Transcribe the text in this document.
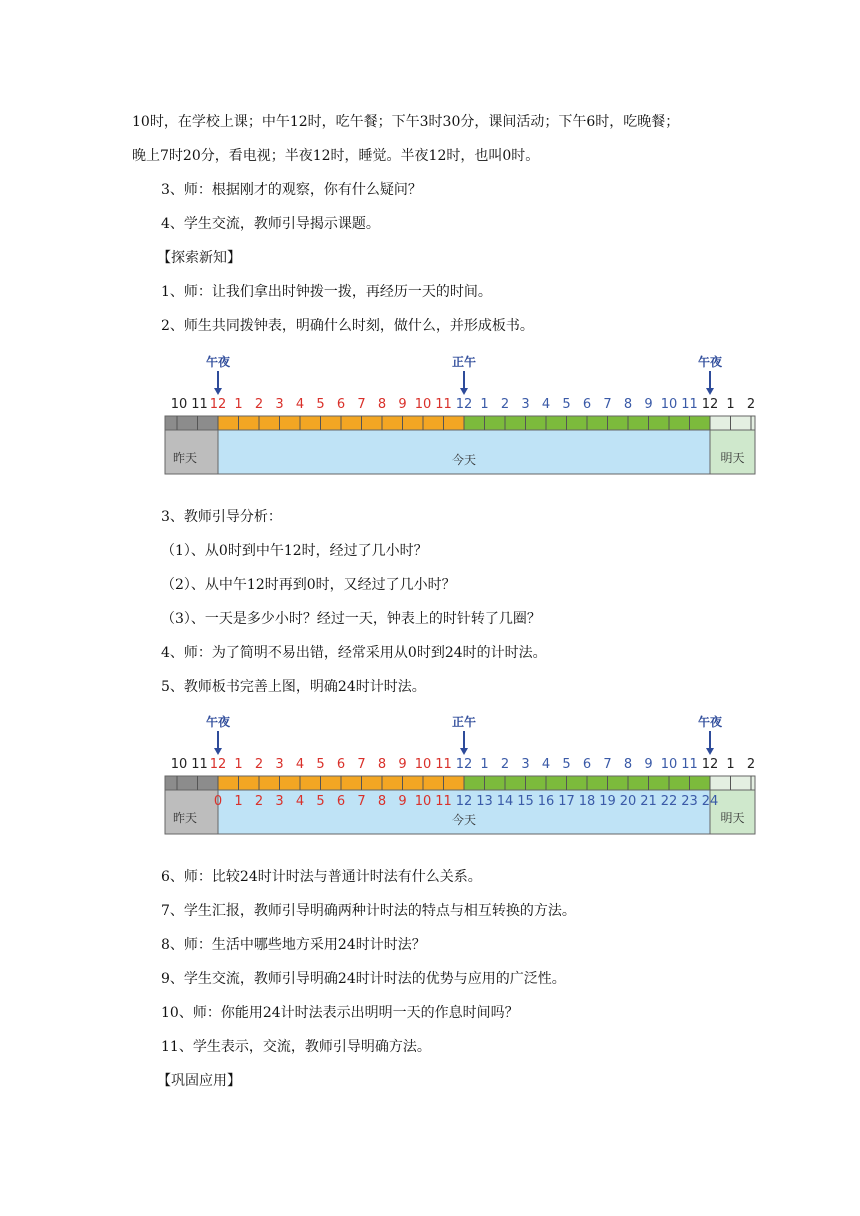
10时，在学校上课；中午12时，吃午餐；下午3时30分，课间活动；下午6时，吃晚餐；
晚上7时20分，看电视；半夜12时，睡觉。半夜12时，也叫0时。
3、师：根据刚才的观察，你有什么疑问？
4、学生交流，教师引导揭示课题。
【探索新知】
1、师：让我们拿出时钟拨一拨，再经历一天的时间。
2、师生共同拨钟表，明确什么时刻，做什么，并形成板书。
10 11 12 1 2 3 4 5 6 7 8 9 10 11 12 1 2 3 4 5 6 7 8 9 10 11 12 1 2
午夜	正午	午夜
昨天	今天	明天
3、教师引导分析：
（1）、从0时到中午12时，经过了几小时？
（2）、从中午12时再到0时，又经过了几小时？
（3）、一天是多少小时？经过一天，钟表上的时针转了几圈？
4、师：为了简明不易出错，经常采用从0时到24时的计时法。
5、教师板书完善上图，明确24时计时法。
10 11 12 1 2 3 4 5 6 7 8 9 10 11 12 1 2 3 4 5 6 7 8 9 10 11 12 1 2
午夜	正午	午夜
昨天	今天	明天
0 1 2 3 4 5 6 7 8 9 10 11 12 13 14 15 16 17 18 19 20 21 22 23 24
6、师：比较24时计时法与普通计时法有什么关系。
7、学生汇报，教师引导明确两种计时法的特点与相互转换的方法。
8、师：生活中哪些地方采用24时计时法？
9、学生交流，教师引导明确24时计时法的优势与应用的广泛性。
10、师：你能用24计时法表示出明明一天的作息时间吗？
11、学生表示，交流，教师引导明确方法。
【巩固应用】
